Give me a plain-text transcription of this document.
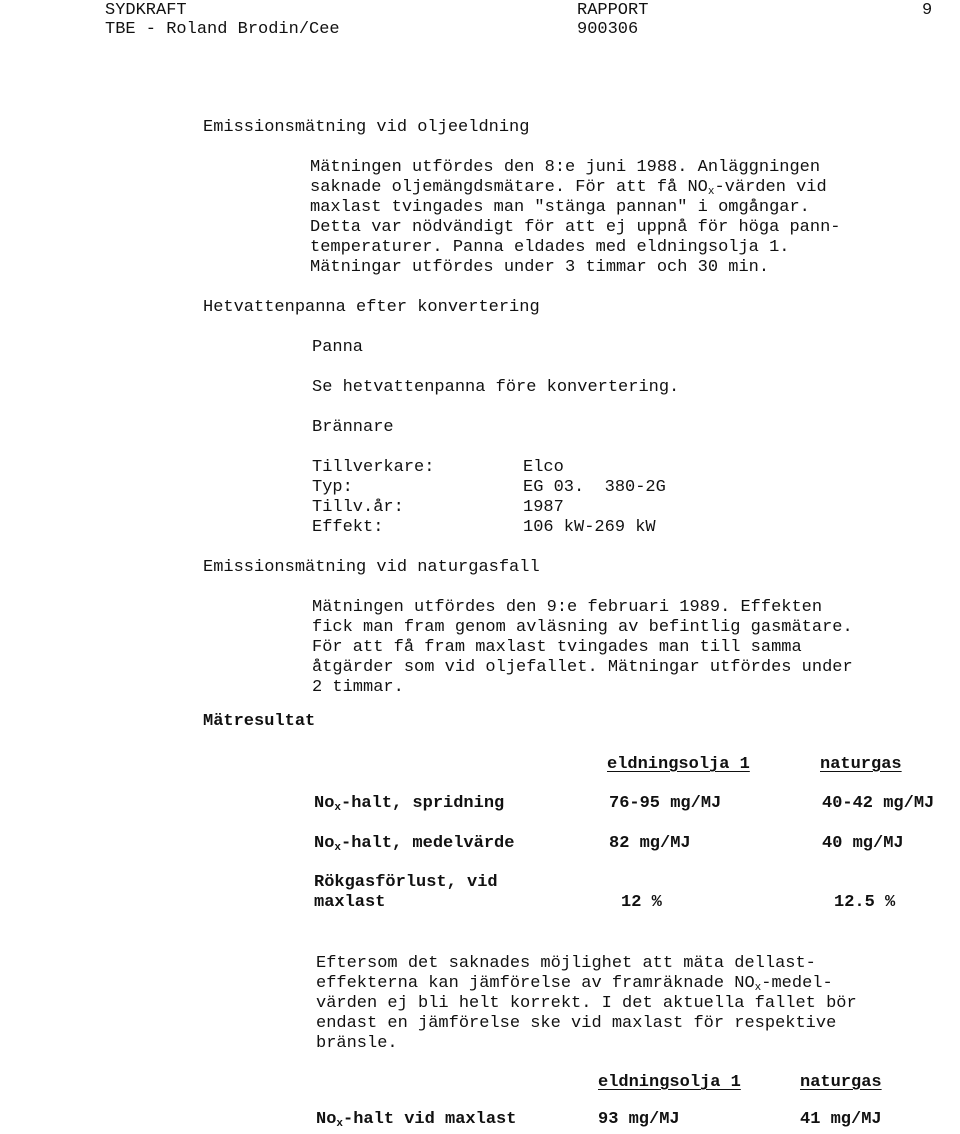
SYDKRAFT
TBE - Roland Brodin/Cee
RAPPORT
900306
9
Emissionsmätning vid oljeeldning
Mätningen utfördes den 8:e juni 1988. Anläggningen
saknade oljemängdsmätare. För att få $NO_x$-värden vid
maxlast tvingades man "stänga pannan" i omgångar.
Detta var nödvändigt för att ej uppnå för höga pann-
temperaturer. Panna eldades med eldningsolja 1.
Mätningar utfördes under 3 timmar och 30 min.
Hetvattenpanna efter konvertering
Panna
Se hetvattenpanna före konvertering.
Brännare
Tillverkare:	Elco
Typ:	EG 03.  380-2G
Tillv.år:	1987
Effekt:	106 kW-269 kW
Emissionsmätning vid naturgasfall
Mätningen utfördes den 9:e februari 1989. Effekten
fick man fram genom avläsning av befintlig gasmätare.
För att få fram maxlast tvingades man till samma
åtgärder som vid oljefallet. Mätningar utfördes under
2 timmar.
Mätresultat
eldningsolja 1	naturgas
$No_x$-halt, spridning	76-95 mg/MJ	40-42 mg/MJ
$No_x$-halt, medelvärde	82 mg/MJ	40 mg/MJ
Rökgasförlust, vid
maxlast	12 %	12.5 %
Eftersom det saknades möjlighet att mäta dellast-
effekterna kan jämförelse av framräknade $NO_x-medel-$
värden ej bli helt korrekt. I det aktuella fallet bör
endast en jämförelse ske vid maxlast för respektive
bränsle.
eldningsolja 1	naturgas
$No_x$-halt vid maxlast	93 mg/MJ	41 mg/MJ
